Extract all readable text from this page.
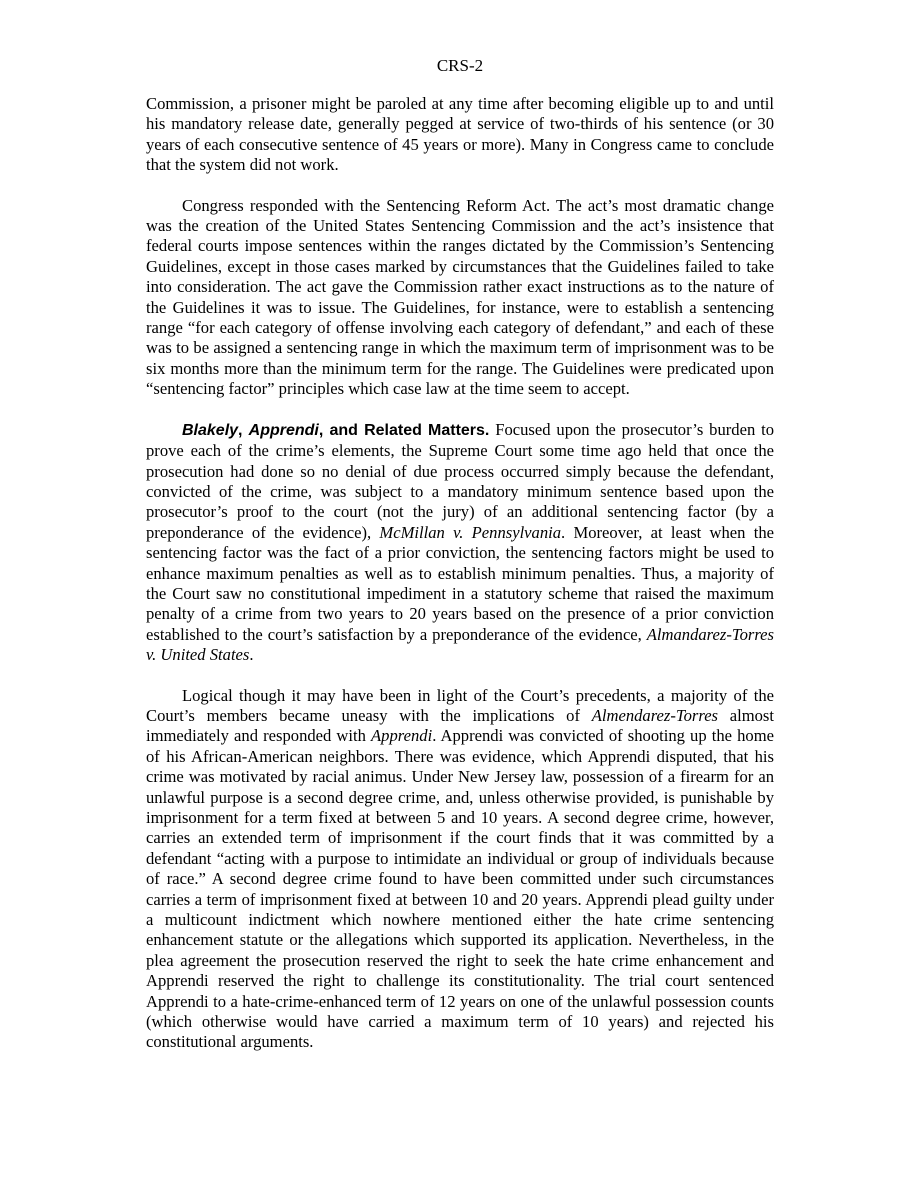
CRS-2

Commission, a prisoner might be paroled at any time after becoming eligible up to and until his mandatory release date, generally pegged at service of two-thirds of his sentence (or 30 years of each consecutive sentence of 45 years or more). Many in Congress came to conclude that the system did not work.

Congress responded with the Sentencing Reform Act. The act’s most dramatic change was the creation of the United States Sentencing Commission and the act’s insistence that federal courts impose sentences within the ranges dictated by the Commission’s Sentencing Guidelines, except in those cases marked by circumstances that the Guidelines failed to take into consideration. The act gave the Commission rather exact instructions as to the nature of the Guidelines it was to issue. The Guidelines, for instance, were to establish a sentencing range “for each category of offense involving each category of defendant,” and each of these was to be assigned a sentencing range in which the maximum term of imprisonment was to be six months more than the minimum term for the range. The Guidelines were predicated upon “sentencing factor” principles which case law at the time seem to accept.

Blakely, Apprendi, and Related Matters. Focused upon the prosecutor’s burden to prove each of the crime’s elements, the Supreme Court some time ago held that once the prosecution had done so no denial of due process occurred simply because the defendant, convicted of the crime, was subject to a mandatory minimum sentence based upon the prosecutor’s proof to the court (not the jury) of an additional sentencing factor (by a preponderance of the evidence), McMillan v. Pennsylvania. Moreover, at least when the sentencing factor was the fact of a prior conviction, the sentencing factors might be used to enhance maximum penalties as well as to establish minimum penalties. Thus, a majority of the Court saw no constitutional impediment in a statutory scheme that raised the maximum penalty of a crime from two years to 20 years based on the presence of a prior conviction established to the court’s satisfaction by a preponderance of the evidence, Almandarez-Torres v. United States.

Logical though it may have been in light of the Court’s precedents, a majority of the Court’s members became uneasy with the implications of Almendarez-Torres almost immediately and responded with Apprendi. Apprendi was convicted of shooting up the home of his African-American neighbors. There was evidence, which Apprendi disputed, that his crime was motivated by racial animus. Under New Jersey law, possession of a firearm for an unlawful purpose is a second degree crime, and, unless otherwise provided, is punishable by imprisonment for a term fixed at between 5 and 10 years. A second degree crime, however, carries an extended term of imprisonment if the court finds that it was committed by a defendant “acting with a purpose to intimidate an individual or group of individuals because of race.” A second degree crime found to have been committed under such circumstances carries a term of imprisonment fixed at between 10 and 20 years. Apprendi plead guilty under a multicount indictment which nowhere mentioned either the hate crime sentencing enhancement statute or the allegations which supported its application. Nevertheless, in the plea agreement the prosecution reserved the right to seek the hate crime enhancement and Apprendi reserved the right to challenge its constitutionality. The trial court sentenced Apprendi to a hate-crime-enhanced term of 12 years on one of the unlawful possession counts (which otherwise would have carried a maximum term of 10 years) and rejected his constitutional arguments.
